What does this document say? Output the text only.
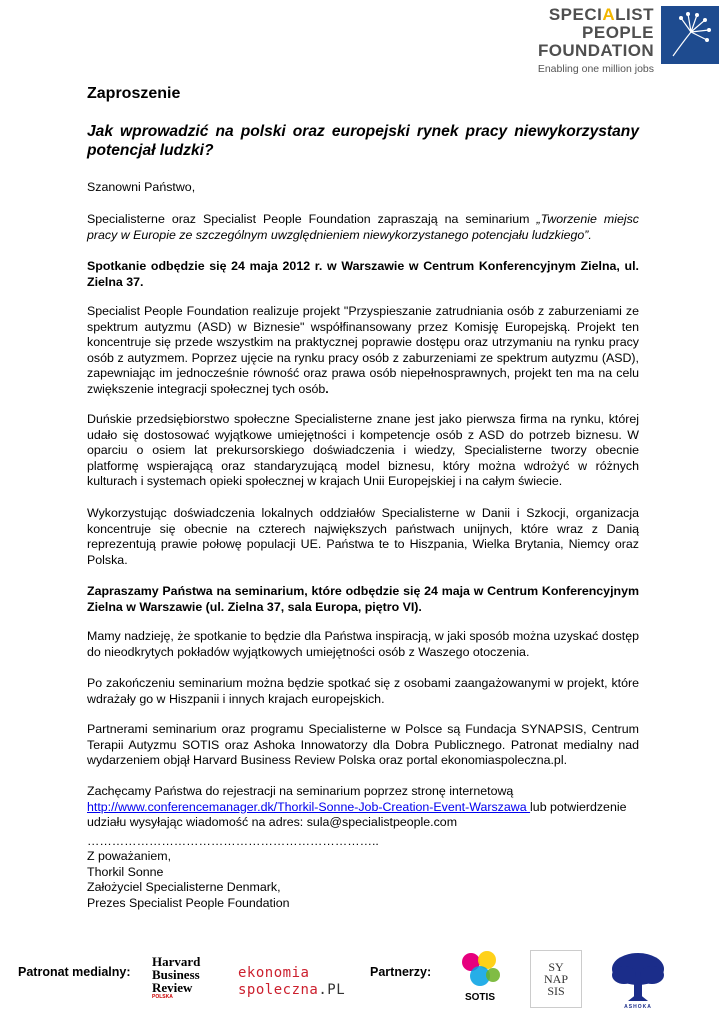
SPECIALIST
PEOPLE
FOUNDATION
Enabling one million jobs
Zaproszenie
Jak wprowadzić na polski oraz europejski rynek pracy niewykorzystany potencjał ludzki?

Szanowni Państwo,

Specialisterne oraz Specialist People Foundation zapraszają na seminarium „Tworzenie miejsc pracy w Europie ze szczególnym uwzględnieniem niewykorzystanego potencjału ludzkiego”.

Spotkanie odbędzie się 24 maja 2012 r. w Warszawie w Centrum Konferencyjnym Zielna, ul. Zielna 37.

Specialist People Foundation realizuje projekt "Przyspieszanie zatrudniania osób z zaburzeniami ze spektrum autyzmu (ASD) w Biznesie" współfinansowany przez Komisję Europejską. Projekt ten koncentruje się przede wszystkim na praktycznej poprawie dostępu oraz utrzymaniu na rynku pracy osób z autyzmem. Poprzez ujęcie na rynku pracy osób z zaburzeniami ze spektrum autyzmu (ASD), zapewniając im jednocześnie równość oraz prawa osób niepełnosprawnych, projekt ten ma na celu zwiększenie integracji społecznej tych osób.

Duńskie przedsiębiorstwo społeczne Specialisterne znane jest jako pierwsza firma na rynku, której udało się dostosować wyjątkowe umiejętności i kompetencje osób z ASD do potrzeb biznesu. W oparciu o osiem lat prekursorskiego doświadczenia i wiedzy, Specialisterne tworzy obecnie platformę wspierającą oraz standaryzującą model biznesu, który można wdrożyć w różnych kulturach i systemach opieki społecznej w krajach Unii Europejskiej i na całym świecie.

Wykorzystując doświadczenia lokalnych oddziałów Specialisterne w Danii i Szkocji, organizacja koncentruje się obecnie na czterech największych państwach unijnych, które wraz z Danią reprezentują prawie połowę populacji UE. Państwa te to Hiszpania, Wielka Brytania, Niemcy oraz Polska.

Zapraszamy Państwa na seminarium, które odbędzie się 24 maja w Centrum Konferencyjnym Zielna w Warszawie (ul. Zielna 37, sala Europa, piętro VI).

Mamy nadzieję, że spotkanie to będzie dla Państwa inspiracją, w jaki sposób można uzyskać dostęp do nieodkrytych pokładów wyjątkowych umiejętności osób z Waszego otoczenia.

Po zakończeniu seminarium można będzie spotkać się z osobami zaangażowanymi w projekt, które wdrażały go w Hiszpanii i innych krajach europejskich.

Partnerami seminarium oraz programu Specialisterne w Polsce są Fundacja SYNAPSIS, Centrum Terapii Autyzmu SOTIS oraz Ashoka Innowatorzy dla Dobra Publicznego. Patronat medialny nad wydarzeniem objął Harvard Business Review Polska oraz portal ekonomiaspoleczna.pl.

Zachęcamy Państwa do rejestracji na seminarium poprzez stronę internetową
http://www.conferencemanager.dk/Thorkil-Sonne-Job-Creation-Event-Warszawa lub potwierdzenie udziału wysyłając wiadomość na adres: sula@specialistpeople.com

……………………………………………………………..

Z poważaniem,

Thorkil Sonne

Założyciel Specialisterne Denmark,

Prezes Specialist People Foundation

Patronat medialny:
Harvard
Business
Review
POLSKA
ekonomia
spoleczna.PL
Partnerzy:
SOTIS
SY
NAP
SIS
ASHOKA
